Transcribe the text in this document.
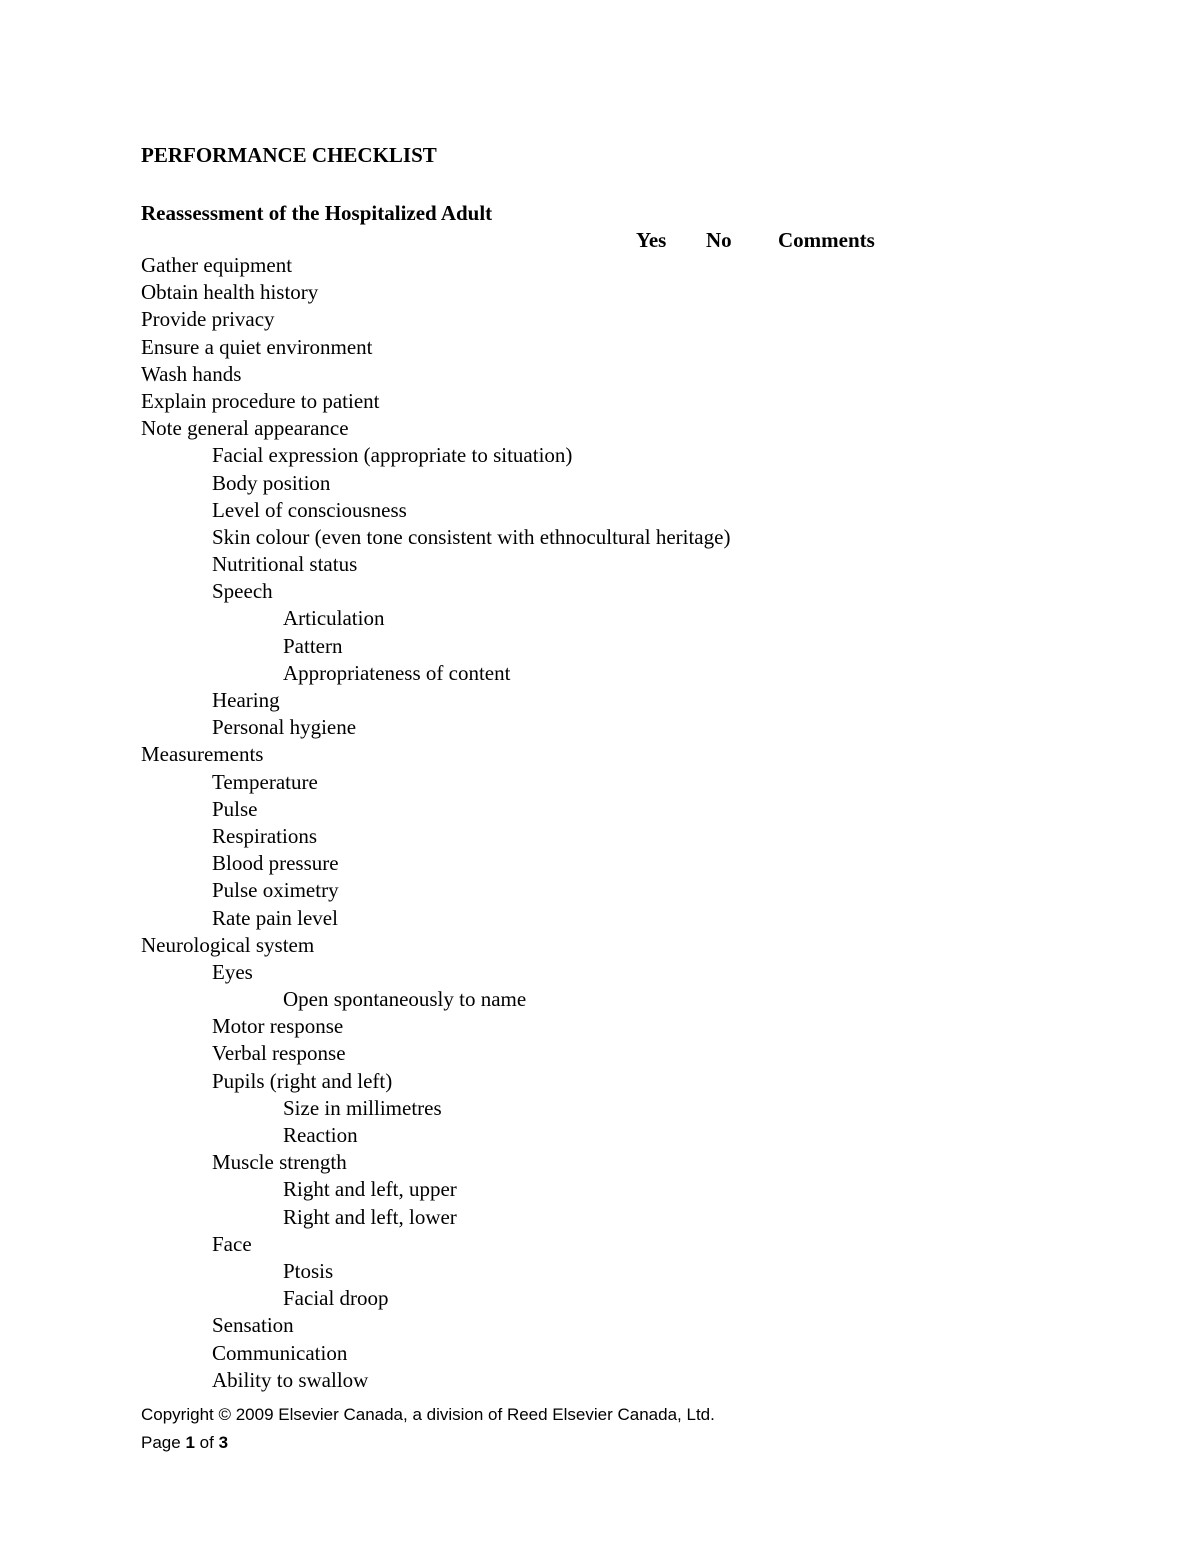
PERFORMANCE CHECKLIST
Reassessment of the Hospitalized Adult
Yes No Comments
Gather equipment
Obtain health history
Provide privacy
Ensure a quiet environment
Wash hands
Explain procedure to patient
Note general appearance
Facial expression (appropriate to situation)
Body position
Level of consciousness
Skin colour (even tone consistent with ethnocultural heritage)
Nutritional status
Speech
Articulation
Pattern
Appropriateness of content
Hearing
Personal hygiene
Measurements
Temperature
Pulse
Respirations
Blood pressure
Pulse oximetry
Rate pain level
Neurological system
Eyes
Open spontaneously to name
Motor response
Verbal response
Pupils (right and left)
Size in millimetres
Reaction
Muscle strength
Right and left, upper
Right and left, lower
Face
Ptosis
Facial droop
Sensation
Communication
Ability to swallow
Copyright © 2009 Elsevier Canada, a division of Reed Elsevier Canada, Ltd.
Page 1 of 3
